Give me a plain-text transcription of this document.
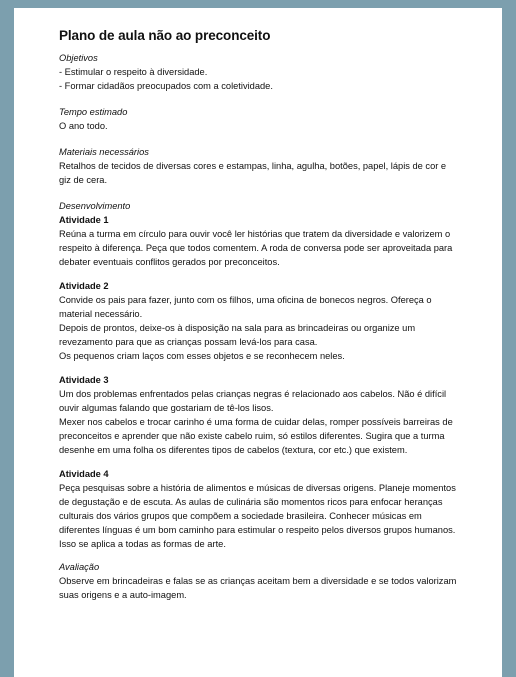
Plano de aula não ao preconceito

Objetivos

- Estimular o respeito à diversidade.

- Formar cidadãos preocupados com a coletividade.

Tempo estimado

O ano todo.

Materiais necessários

Retalhos de tecidos de diversas cores e estampas, linha, agulha, botões, papel, lápis de cor e giz de cera.

Desenvolvimento

Atividade 1

Reúna a turma em círculo para ouvir você ler histórias que tratem da diversidade e valorizem o respeito à diferença. Peça que todos comentem. A roda de conversa pode ser aproveitada para debater eventuais conflitos gerados por preconceitos.

Atividade 2

Convide os pais para fazer, junto com os filhos, uma oficina de bonecos negros. Ofereça o material necessário.

Depois de prontos, deixe-os à disposição na sala para as brincadeiras ou organize um revezamento para que as crianças possam levá-los para casa.

Os pequenos criam laços com esses objetos e se reconhecem neles.

Atividade 3

Um dos problemas enfrentados pelas crianças negras é relacionado aos cabelos. Não é difícil ouvir algumas falando que gostariam de tê-los lisos.

Mexer nos cabelos e trocar carinho é uma forma de cuidar delas, romper possíveis barreiras de preconceitos e aprender que não existe cabelo ruim, só estilos diferentes. Sugira que a turma desenhe em uma folha os diferentes tipos de cabelos (textura, cor etc.) que existem.

Atividade 4

Peça pesquisas sobre a história de alimentos e músicas de diversas origens. Planeje momentos de degustação e de escuta. As aulas de culinária são momentos ricos para enfocar heranças culturais dos vários grupos que compõem a sociedade brasileira. Conhecer músicas em diferentes línguas é um bom caminho para estimular o respeito pelos diversos grupos humanos. Isso se aplica a todas as formas de arte.

Avaliação

Observe em brincadeiras e falas se as crianças aceitam bem a diversidade e se todos valorizam suas origens e a auto-imagem.
